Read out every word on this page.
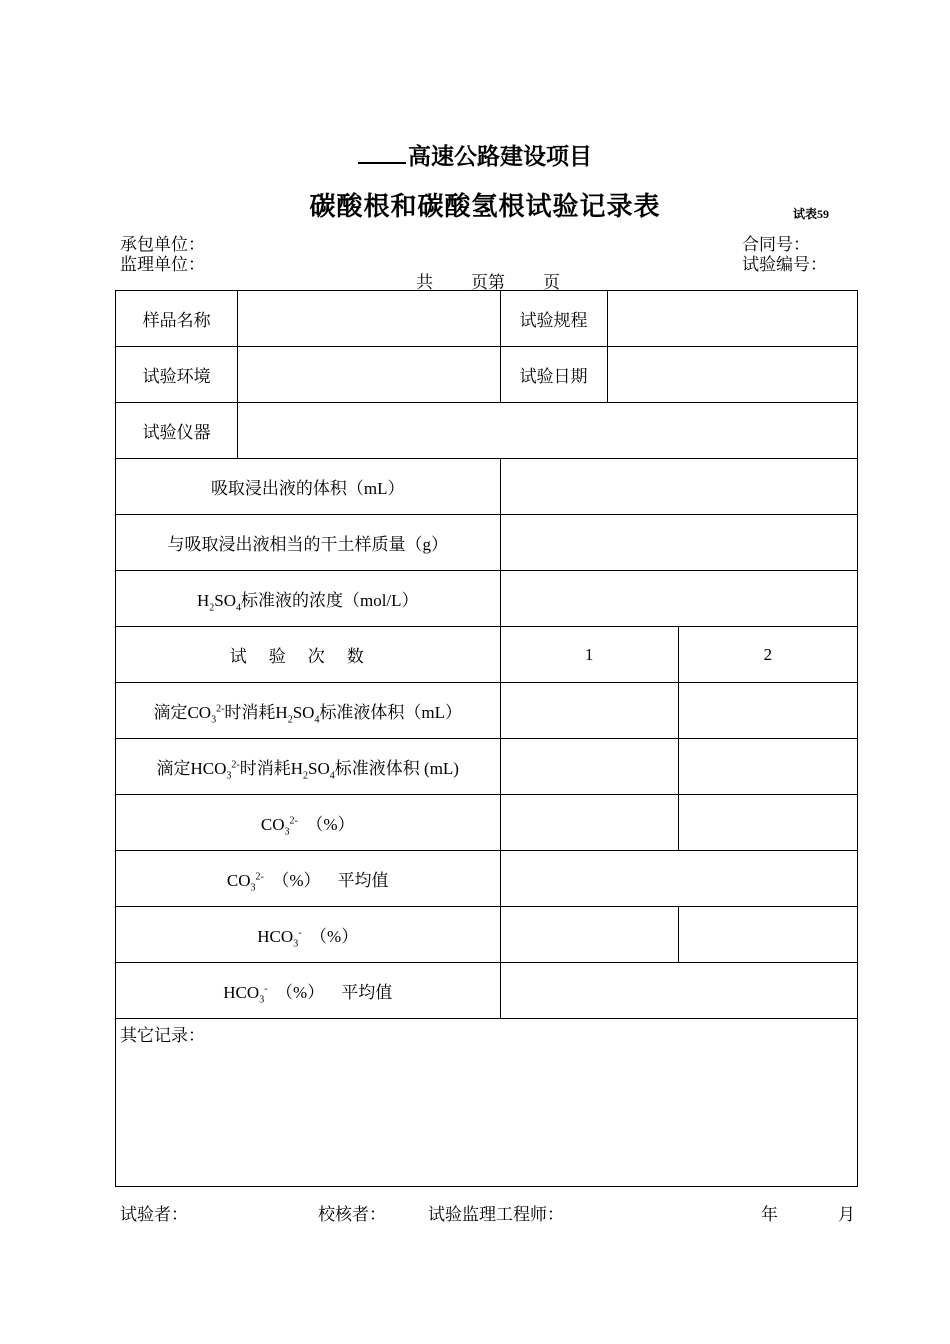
高速公路建设项目
碳酸根和碳酸氢根试验记录表	试表59
承包单位：
监理单位：
合同号：
试验编号：
共 页第 页
样品名称		试验规程		
试验环境		试验日期		
试验仪器				
吸取浸出液的体积（mL）				
与吸取浸出液相当的干土样质量（g）				
$H_2SO_4$标准液的浓度（mol/L）				
试验次数		1		2
滴定$CO_3^{2-}$时消耗$H_2SO_4$标准液体积（mL）				
滴定$HCO_3^{2-}$时消耗$H_2SO_4$标准液体积 (mL)				
$CO_3^{2-}$ （%）				
$CO_3^{2-}$ （%） 平均值				
$HCO_3^-$ （%）				
$HCO_3^-$ （%） 平均值				
其它记录：				
试验者：	校核者： 试验监理工程师：	年	月
